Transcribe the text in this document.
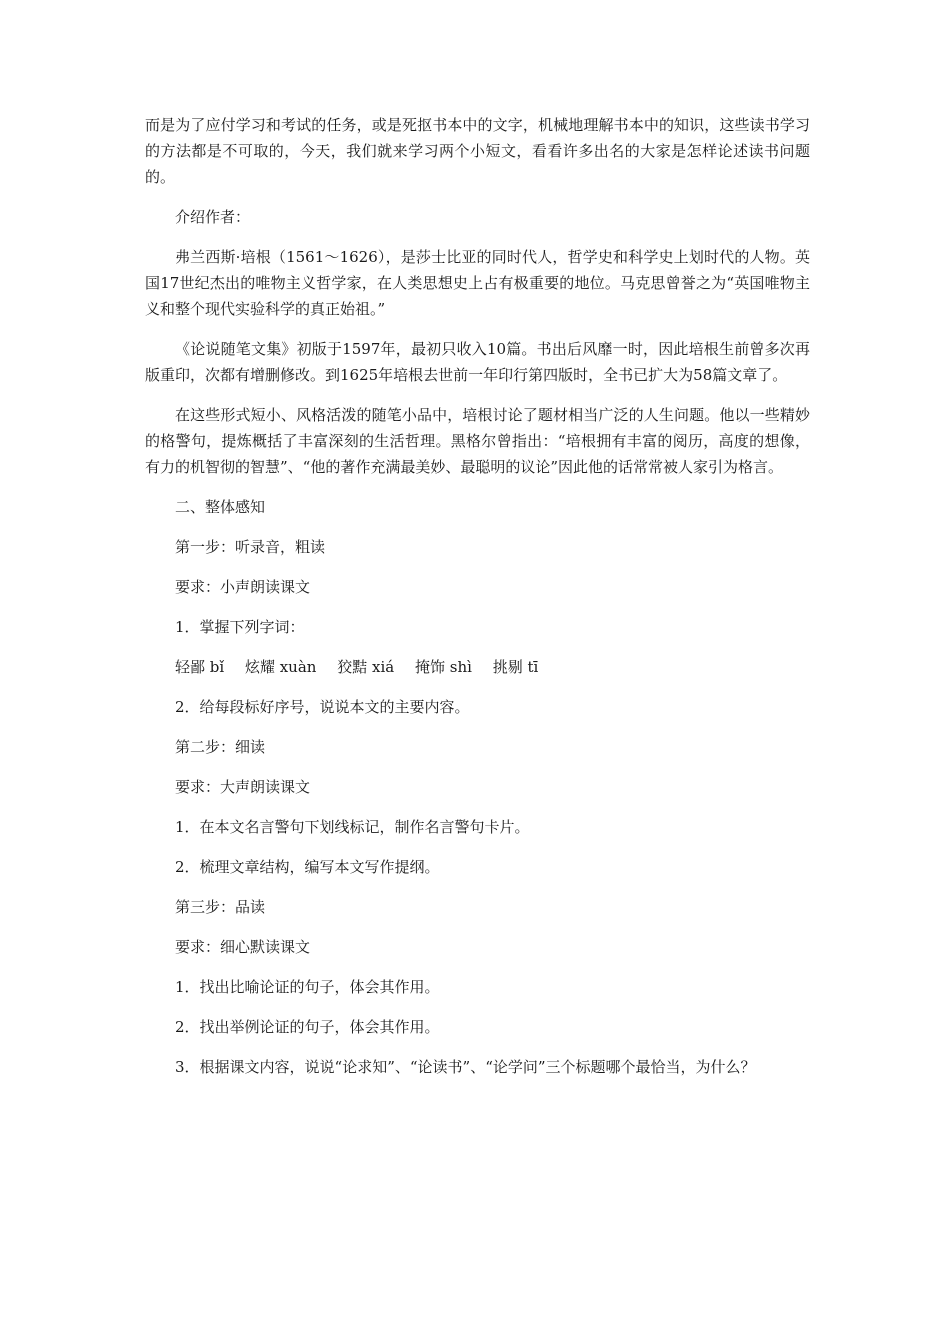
而是为了应付学习和考试的任务，或是死抠书本中的文字，机械地理解书本中的知识，这些读书学习的方法都是不可取的，今天，我们就来学习两个小短文，看看许多出名的大家是怎样论述读书问题的。

介绍作者：

弗兰西斯·培根（1561～1626），是莎士比亚的同时代人，哲学史和科学史上划时代的人物。英国17世纪杰出的唯物主义哲学家，在人类思想史上占有极重要的地位。马克思曾誉之为“英国唯物主义和整个现代实验科学的真正始祖。”

《论说随笔文集》初版于1597年，最初只收入10篇。书出后风靡一时，因此培根生前曾多次再版重印，次都有增删修改。到1625年培根去世前一年印行第四版时，全书已扩大为58篇文章了。

在这些形式短小、风格活泼的随笔小品中，培根讨论了题材相当广泛的人生问题。他以一些精妙的格警句，提炼概括了丰富深刻的生活哲理。黑格尔曾指出：“培根拥有丰富的阅历，高度的想像，有力的机智彻的智慧”、“他的著作充满最美妙、最聪明的议论”因此他的话常常被人家引为格言。

二、整体感知

第一步：听录音，粗读

要求：小声朗读课文

1．掌握下列字词：

轻鄙 bǐ 炫耀 xuàn 狡黠 xiá 掩饰 shì 挑剔 tī

2．给每段标好序号，说说本文的主要内容。

第二步：细读

要求：大声朗读课文

1．在本文名言警句下划线标记，制作名言警句卡片。

2．梳理文章结构，编写本文写作提纲。

第三步：品读

要求：细心默读课文

1．找出比喻论证的句子，体会其作用。

2．找出举例论证的句子，体会其作用。

3．根据课文内容，说说“论求知”、“论读书”、“论学问”三个标题哪个最恰当，为什么？
